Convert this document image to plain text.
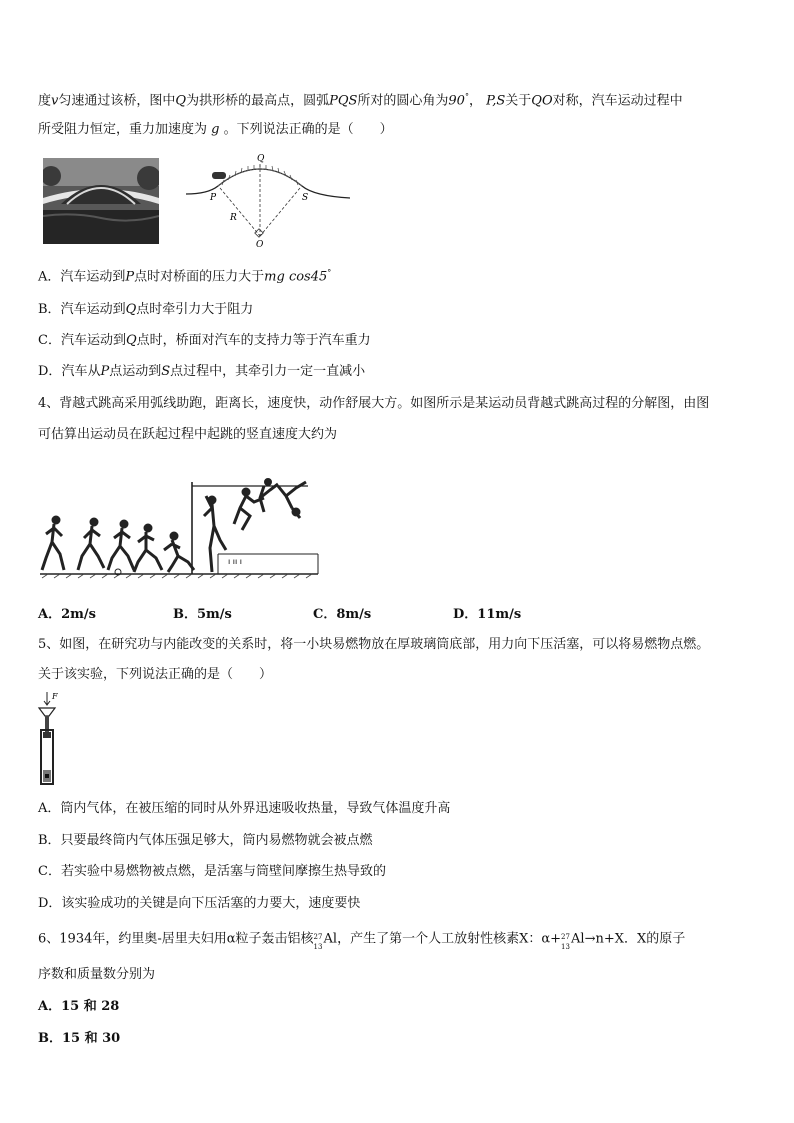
度v匀速通过该桥，图中Q为拱形桥的最高点，圆弧PQS所对的圆心角为90°， P,S关于QO对称，汽车运动过程中
所受阻力恒定，重力加速度为 g 。下列说法正确的是（　　）
Q
P	S
R
O
A．汽车运动到P点时对桥面的压力大于mg cos45°
B．汽车运动到Q点时牵引力大于阻力
C．汽车运动到Q点时，桥面对汽车的支持力等于汽车重力
D．汽车从P点运动到S点过程中，其牵引力一定一直减小
4、背越式跳高采用弧线助跑，距离长，速度快，动作舒展大方。如图所示是某运动员背越式跳高过程的分解图，由图
可估算出运动员在跃起过程中起跳的竖直速度大约为
ı ıı ı
A．2m/s	B．5m/s	C．8m/s	D．11m/s
5、如图，在研究功与内能改变的关系时，将一小块易燃物放在厚玻璃筒底部，用力向下压活塞，可以将易燃物点燃。
关于该实验，下列说法正确的是（　　）
F
A．筒内气体，在被压缩的同时从外界迅速吸收热量，导致气体温度升高
B．只要最终筒内气体压强足够大，筒内易燃物就会被点燃
C．若实验中易燃物被点燃，是活塞与筒壁间摩擦生热导致的
D．该实验成功的关键是向下压活塞的力要大，速度要快
6、1934年，约里奥-居里夫妇用α粒子轰击铝核 27
13
Al，产生了第一个人工放射性核素X：α+ 27
13
Al→n+X．X的原子
序数和质量数分别为
A．15 和 28
B．15 和 30
